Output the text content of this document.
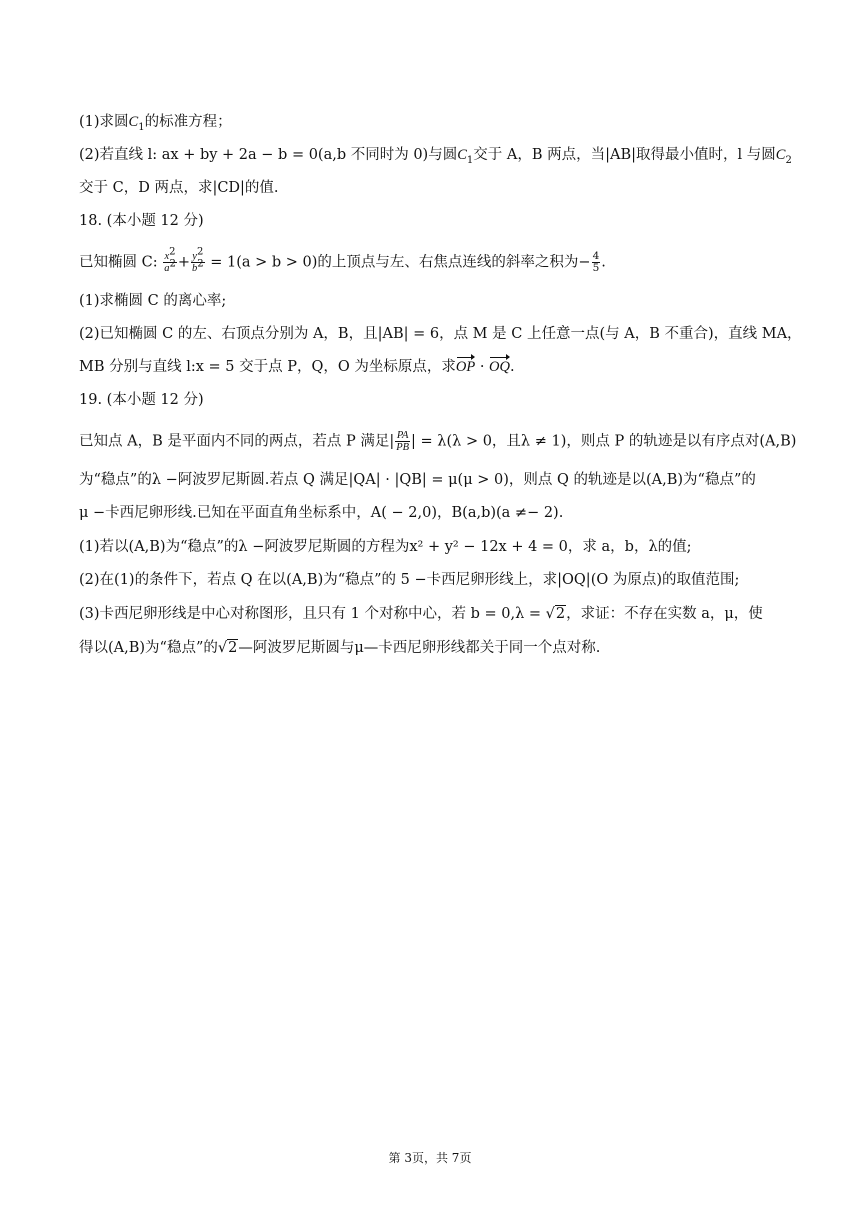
(1)求圆$C_1$的标准方程；
(2)若直线 l: ax + by + 2a − b = 0(a,b 不同时为 0)与圆$C_1$交于 A，B 两点，当|AB|取得最小值时，l 与圆$C_2$
交于 C，D 两点，求|CD|的值.
18. (本小题 12 分)
已知椭圆 C: $\frac{x^2}{a^2} + \frac{y^2}{b^2} = 1(a > b > 0)$的上顶点与左、右焦点连线的斜率之积为− $\frac{4}{5}$ .
(1)求椭圆 C 的离心率;
(2)已知椭圆 C 的左、右顶点分别为 A，B，且|AB| = 6，点 M 是 C 上任意一点(与 A，B 不重合)，直线 MA，
MB 分别与直线 l:x = 5 交于点 P，Q，O 为坐标原点，求OP · OQ.
19. (本小题 12 分)
已知点 A，B 是平面内不同的两点，若点 P 满足| $\frac{PA}{PB}$ | = λ(λ > 0，且λ ≠ 1)，则点 P 的轨迹是以有序点对(A,B)
为“稳点”的λ −阿波罗尼斯圆.若点 Q 满足|QA| · |QB| = μ(μ > 0)，则点 Q 的轨迹是以(A,B)为“稳点”的
μ −卡西尼卵形线.已知在平面直角坐标系中，A( − 2,0)，B(a,b)(a ≠− 2).
(1)若以(A,B)为“稳点”的λ −阿波罗尼斯圆的方程为x² + y² − 12x + 4 = 0，求 a，b，λ的值;
(2)在(1)的条件下，若点 Q 在以(A,B)为“稳点”的 5 −卡西尼卵形线上，求|OQ|(O 为原点)的取值范围;
(3)卡西尼卵形线是中心对称图形，且只有 1 个对称中心，若 b = 0,λ = √2，求证：不存在实数 a，μ，使
得以(A,B)为“稳点”的√2—阿波罗尼斯圆与μ—卡西尼卵形线都关于同一个点对称.
第 3页，共 7页
